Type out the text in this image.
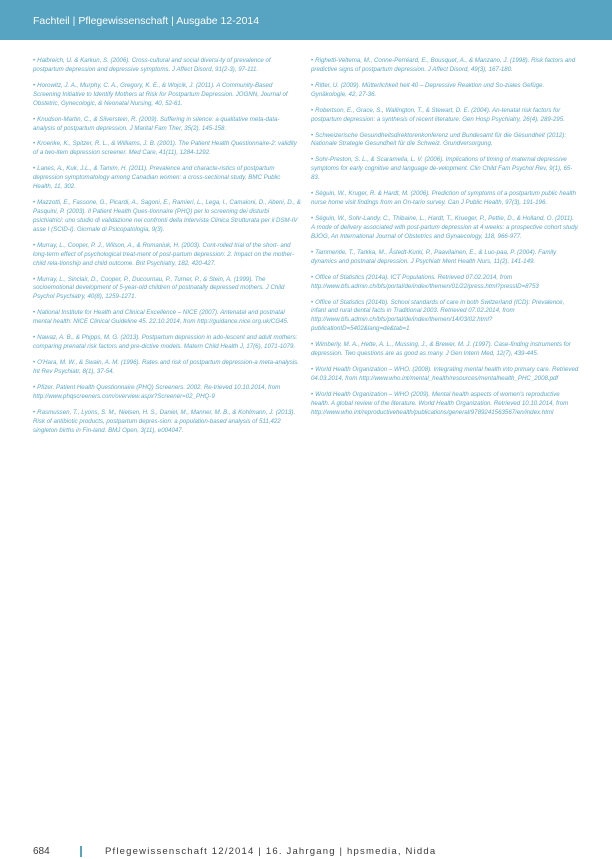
Fachteil | Pflegewissenschaft | Ausgabe 12-2014

• Halbreich, U. & Karkun, S. (2006). Cross-cultural and social diversi-ty of prevalence of postpartum depression and depressive symptoms. J Affect Disord, 91(2-3), 97-111.

• Horowitz, J. A., Murphy, C. A., Gregory, K. E., & Wojcik, J. (2011). A Community-Based Screening Initiative to Identify Mothers at Risk for Postpartum Depression. JOGNN, Journal of Obstetric, Gynecologic, & Neonatal Nursing, 40, 52-61.

• Knudson-Martin, C., & Silverstein, R. (2009). Suffering in silence: a qualitative meta-data-analysis of postpartum depression. J Marital Fam Ther, 35(2), 145-158.

• Kroenke, K., Spitzer, R. L., & Williams, J. B. (2001). The Patient Health Questionnaire-2: validity of a two-item depression screener. Med Care, 41(11), 1284-1292.

• Lanes, A., Kuk, J.L., & Tamim, H. (2011). Prevalence and characte-ristics of postpartum depression symptomatology among Canadian women: a cross-sectional study. BMC Public Health, 11, 302.

• Mazzotti, E., Fassone, G., Picardi, A., Sagoni, E., Ramieri, L., Lega, I., Camaioni, D., Abeni, D., & Pasquini, P. (2003). Il Patient Health Ques-tionnaire (PHQ) per lo screening dei disturbi psichiatrici: uno studio di validazione nei confronti della Intervista Clinica Strutturata per il DSM-IV asse I (SCID-I). Giornale di Psicopatologia, 9(3).

• Murray, L., Cooper, P. J., Wilson, A., & Romaniuk, H. (2003). Cont-rolled trial of the short- and long-term effect of psychological treat-ment of post-partum depression: 2. Impact on the mother-child rela-tionship and child outcome. Brit Psychiatry, 182, 420-427.

• Murray, L., Sinclair, D., Cooper, P., Ducournau, P., Turner, P., & Stein, A. (1999). The socioemotional development of 5-year-old children of postnatally depressed mothers. J Child Psychol Psychiatry, 40(8), 1259-1271.

• National Institute for Health and Clinical Excellence – NICE (2007). Antenatal and postnatal mental health: NICE Clinical Guideline 45. 22.10.2014, from http://guidance.nice.org.uk/CG45.

• Nawaz, A. B., & Phipps, M. G. (2013). Postpartum depression in ado-lescent and adult mothers: comparing prenatal risk factors and pre-dictive models. Matern Child Health J, 17(6), 1071-1079.

• O'Hara, M. W., & Swain, A. M. (1996). Rates and risk of postpartum depression-a meta-analysis. Int Rev Psychiatr, 8(1), 37-54.

• Pfizer. Patient Health Questionnaire (PHQ) Screeners. 2002. Re-trieved 10.10.2014, from http://www.phqscreeners.com/overview.aspx?Screener=02_PHQ-9

• Rasmussen, T., Lyons, S. M., Nielsen, H. S., Daniel, M., Manner, M. B., & Kohlmann, J. (2013). Risk of antibiotic products, postpartum depres-sion: a population-based analysis of 511,422 singleton births in Fin-land. BMJ Open, 3(11), e004047.

• Righetti-Veltema, M., Conne-Perréard, E., Bousquet, A., & Manzano, J. (1998). Risk factors and predictive signs of postpartum depression. J Affect Disord, 49(3), 167-180.

• Ritter, U. (2009). Mütterlichkeit heit 40 – Depressive Reaktion und So-ziales Gefüge. Gynäkologie, 42, 27-36.

• Robertson, E., Grace, S., Wallington, T., & Stewart, D. E. (2004). An-tenatal risk factors for postpartum depression: a synthesis of recent literature. Gen Hosp Psychiatry, 26(4), 289-295.

• Schweizerische Gesundheitsdirektorenkonferenz und Bundesamt für die Gesundheit (2012): Nationale Strategie Gesundheit für die Schweiz. Grundversorgung.

• Sohr-Preston, S. L., & Scaramella, L. V. (2006). Implications of timing of maternal depressive symptoms for early cognitive and language de-velopment. Clin Child Fam Psychol Rev, 9(1), 65-83.

• Séguin, W., Kruger, R. & Hardt, M. (2006). Prediction of symptoms of a postpartum public health nurse home visit findings from an On-tario survey. Can J Public Health, 97(3), 191-196.

• Séguin, W., Sohr-Landy, C., Thibaine, L., Hardt, T., Krueger, P., Pettie, D., & Holland, O. (2011). A mode of delivery associated with post-partum depression at 4 weeks: a prospective cohort study. BJOG, An International Journal of Obstetrics and Gynaecology, 118, 966-977.

• Tammentie, T., Tarkka, M., Åstedt-Kurki, P., Paavilainen, E., & Luo-paa, P. (2004). Family dynamics and postnatal depression. J Psychiatr Ment Health Nurs, 11(2), 141-149.

• Office of Statistics (2014a). ICT Populations. Retrieved 07.02.2014, from http://www.bfs.admin.ch/bfs/portal/de/index/themen/01/22/press.html?pressID=8753

• Office of Statistics (2014b). School standards of care in both Switzerland (ICD): Prevalence, infant and rural dental facts in Traditional 2003. Retrieved 07.02.2014, from http://www.bfs.admin.ch/bfs/portal/de/index/themen/14/03/02.html?publicationID=5402&lang=de&tab=1

• Wimberly, M. A., Hette, A. L., Mussing, J., & Brewer, M. J. (1997). Case-finding instruments for depression. Two questions are as good as many. J Gen Intern Med, 12(7), 439-445.

• World Health Organization – WHO. (2008). Integrating mental health into primary care. Retrieved 04.03.2014, from http://www.who.int/mental_health/resources/mentalhealth_PHC_2008.pdf

• World Health Organization – WHO (2009). Mental health aspects of women's reproductive health. A global review of the literature. World Health Organization. Retrieved 10.10.2014, from http://www.who.int/reproductivehealth/publications/general/9789241563567/en/index.html

684	Pflegewissenschaft 12/2014 | 16. Jahrgang | hpsmedia, Nidda
